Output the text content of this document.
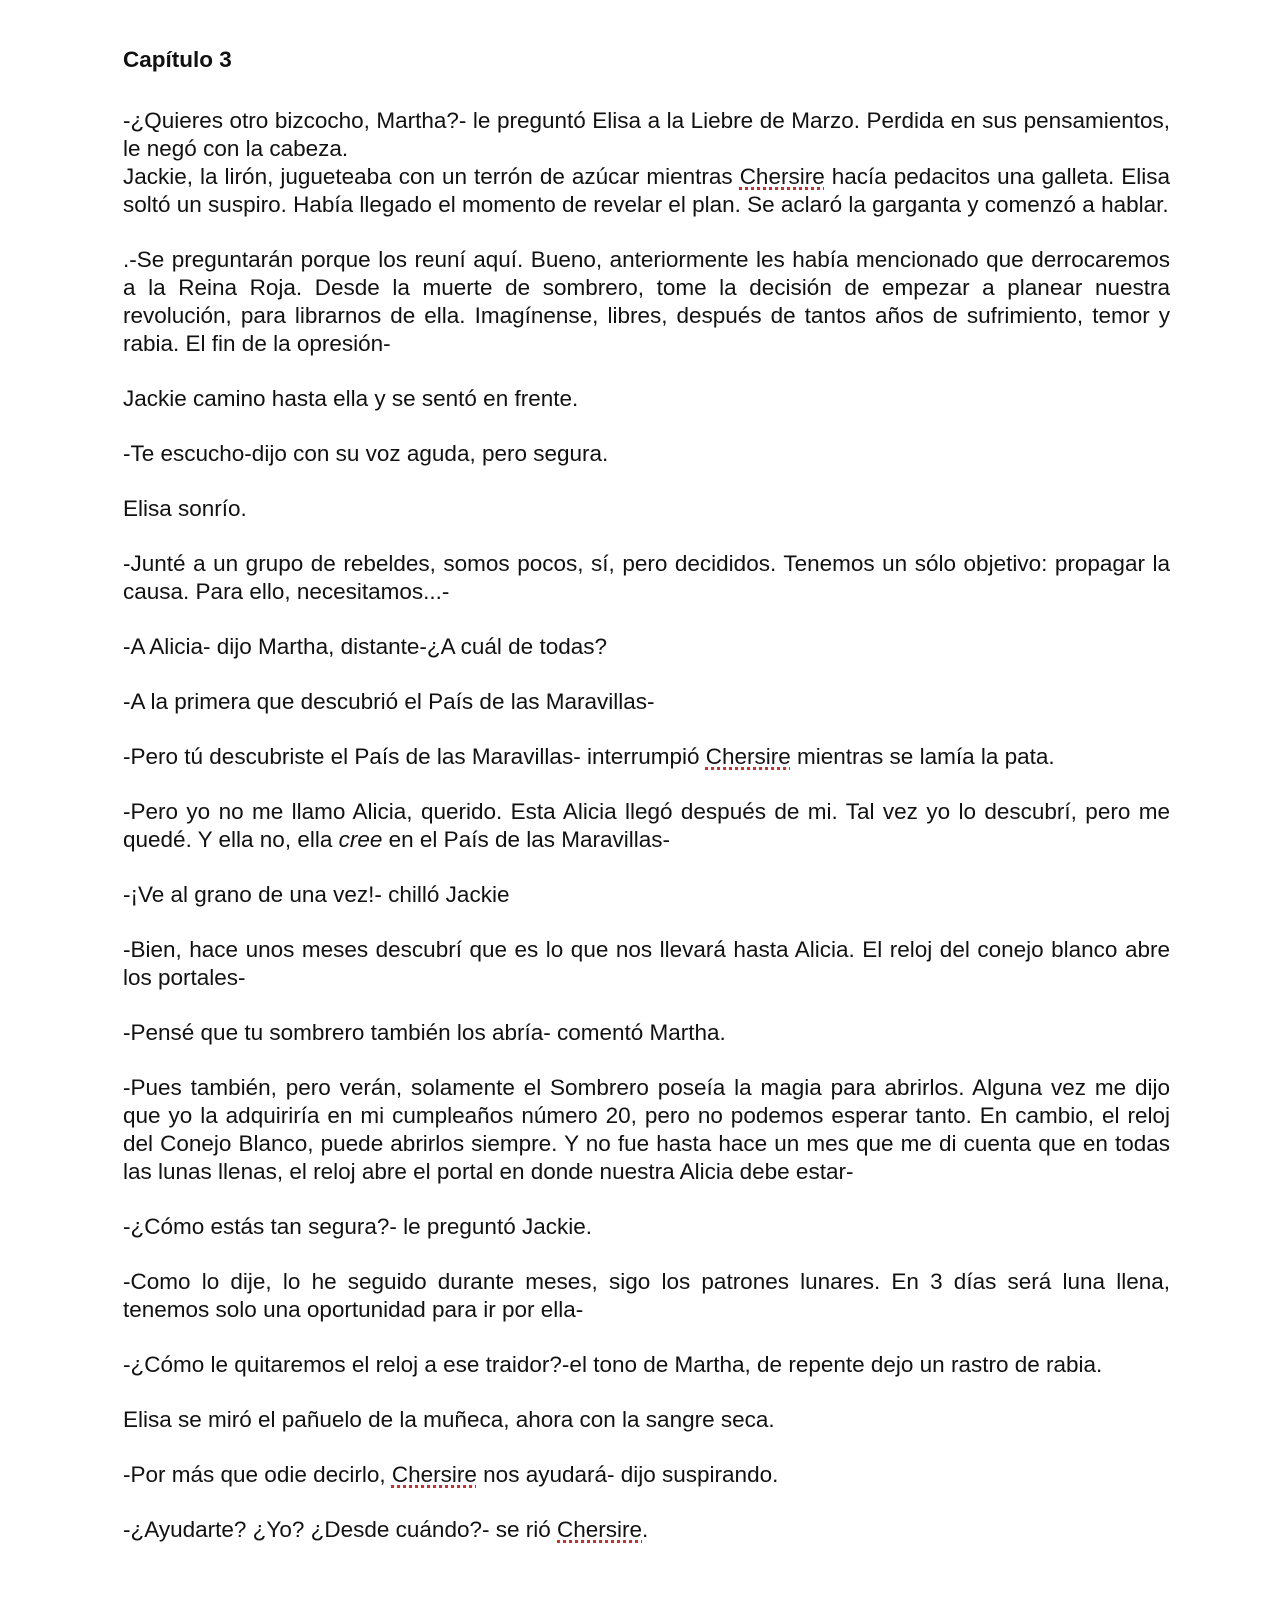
Capítulo 3

-¿Quieres otro bizcocho, Martha?- le preguntó Elisa a la Liebre de Marzo. Perdida en sus pensamientos, le negó con la cabeza.

Jackie, la lirón, jugueteaba con un terrón de azúcar mientras Chersire hacía pedacitos una galleta. Elisa soltó un suspiro. Había llegado el momento de revelar el plan. Se aclaró la garganta y comenzó a hablar.

.-Se preguntarán porque los reuní aquí. Bueno, anteriormente les había mencionado que derrocaremos a la Reina Roja. Desde la muerte de sombrero, tome la decisión de empezar a planear nuestra revolución, para librarnos de ella. Imagínense, libres, después de tantos años de sufrimiento, temor y rabia. El fin de la opresión-

Jackie camino hasta ella y se sentó en frente.

-Te escucho-dijo con su voz aguda, pero segura.

Elisa sonrío.

-Junté a un grupo de rebeldes, somos pocos, sí, pero decididos. Tenemos un sólo objetivo: propagar la causa. Para ello, necesitamos...-

-A Alicia- dijo Martha, distante-¿A cuál de todas?

-A la primera que descubrió el País de las Maravillas-

-Pero tú descubriste el País de las Maravillas- interrumpió Chersire mientras se lamía la pata.

-Pero yo no me llamo Alicia, querido. Esta Alicia llegó después de mi. Tal vez yo lo descubrí, pero me quedé. Y ella no, ella cree en el País de las Maravillas-

-¡Ve al grano de una vez!- chilló Jackie

-Bien, hace unos meses descubrí que es lo que nos llevará hasta Alicia. El reloj del conejo blanco abre los portales-

-Pensé que tu sombrero también los abría- comentó Martha.

-Pues también, pero verán, solamente el Sombrero poseía la magia para abrirlos. Alguna vez me dijo que yo la adquiriría en mi cumpleaños número 20, pero no podemos esperar tanto. En cambio, el reloj del Conejo Blanco, puede abrirlos siempre. Y no fue hasta hace un mes que me di cuenta que en todas las lunas llenas, el reloj abre el portal en donde nuestra Alicia debe estar-

-¿Cómo estás tan segura?- le preguntó Jackie.

-Como lo dije, lo he seguido durante meses, sigo los patrones lunares. En 3 días será luna llena, tenemos solo una oportunidad para ir por ella-

-¿Cómo le quitaremos el reloj a ese traidor?-el tono de Martha, de repente dejo un rastro de rabia.

Elisa se miró el pañuelo de la muñeca, ahora con la sangre seca.

-Por más que odie decirlo, Chersire nos ayudará- dijo suspirando.

-¿Ayudarte? ¿Yo? ¿Desde cuándo?- se rió Chersire.
